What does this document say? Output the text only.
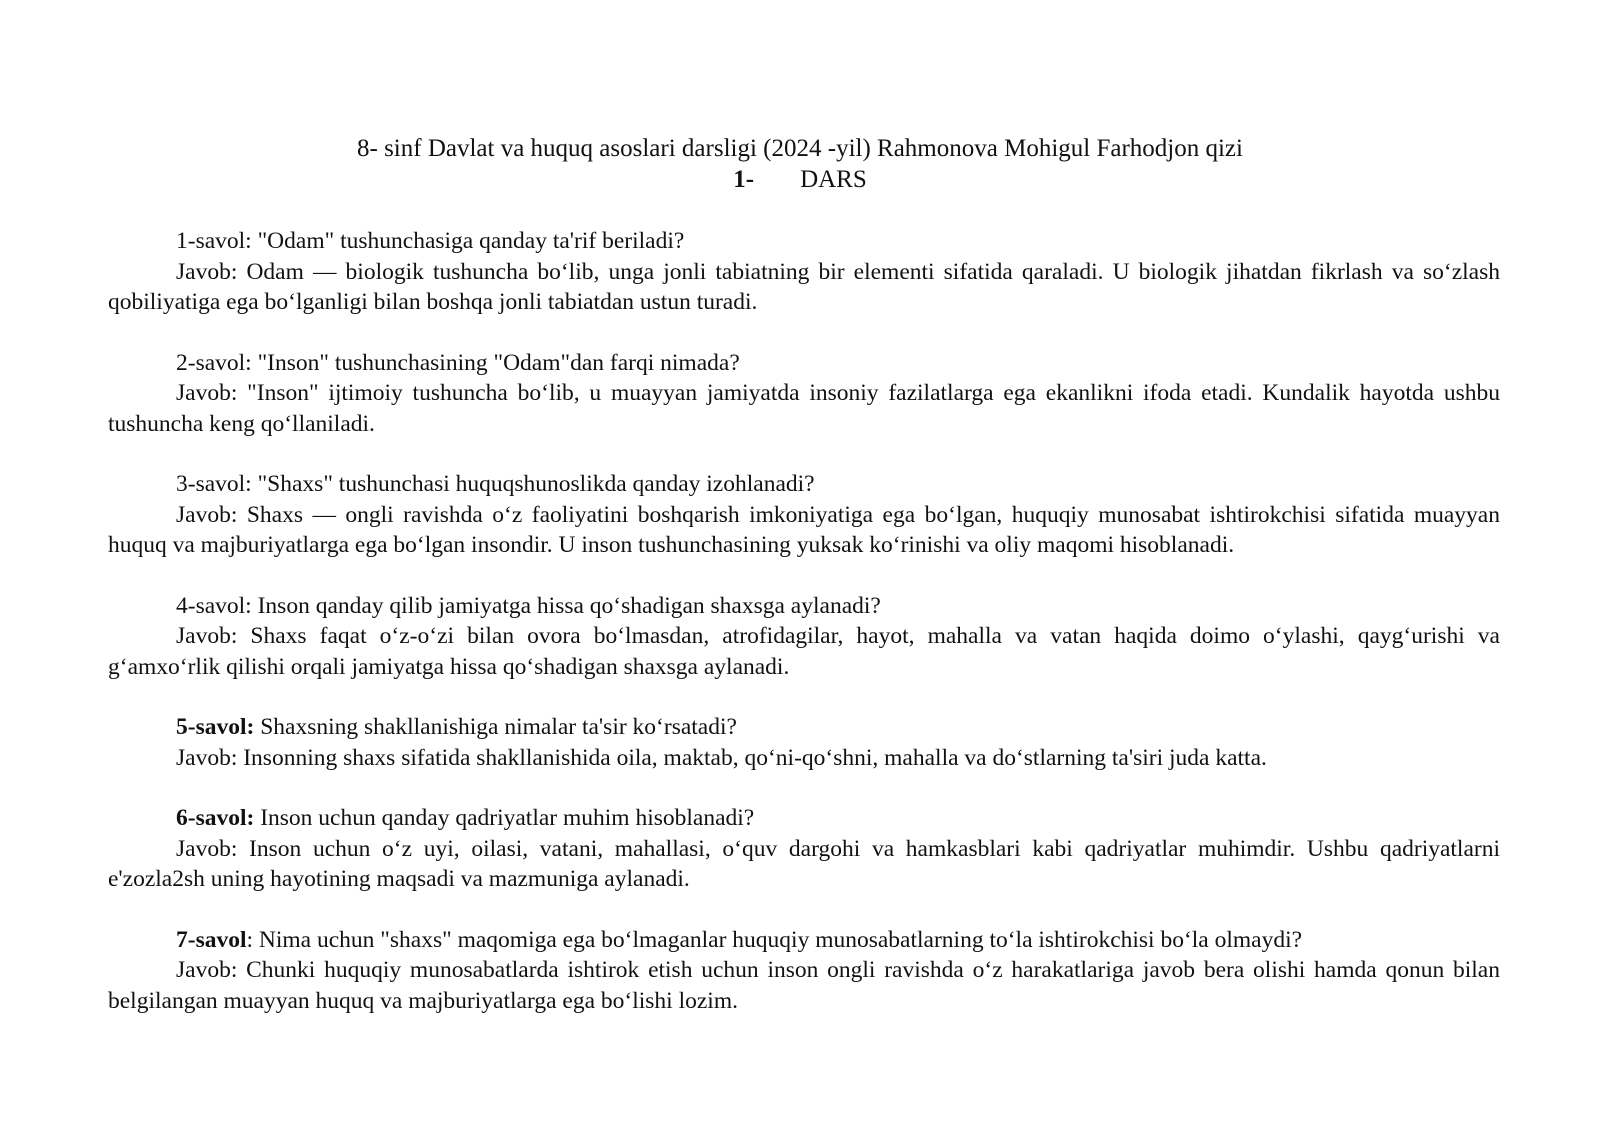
8- sinf Davlat va huquq asoslari darsligi (2024 -yil) Rahmonova Mohigul Farhodjon qizi
1- DARS

1-savol: "Odam" tushunchasiga qanday ta'rif beriladi?

Javob: Odam — biologik tushuncha bo‘lib, unga jonli tabiatning bir elementi sifatida qaraladi. U biologik jihatdan fikrlash va so‘zlash qobiliyatiga ega bo‘lganligi bilan boshqa jonli tabiatdan ustun turadi.

2-savol: "Inson" tushunchasining "Odam"dan farqi nimada?

Javob: "Inson" ijtimoiy tushuncha bo‘lib, u muayyan jamiyatda insoniy fazilatlarga ega ekanlikni ifoda etadi. Kundalik hayotda ushbu tushuncha keng qo‘llaniladi.

3-savol: "Shaxs" tushunchasi huquqshunoslikda qanday izohlanadi?

Javob: Shaxs — ongli ravishda o‘z faoliyatini boshqarish imkoniyatiga ega bo‘lgan, huquqiy munosabat ishtirokchisi sifatida muayyan huquq va majburiyatlarga ega bo‘lgan insondir. U inson tushunchasining yuksak ko‘rinishi va oliy maqomi hisoblanadi.

4-savol: Inson qanday qilib jamiyatga hissa qo‘shadigan shaxsga aylanadi?

Javob: Shaxs faqat o‘z-o‘zi bilan ovora bo‘lmasdan, atrofidagilar, hayot, mahalla va vatan haqida doimo o‘ylashi, qayg‘urishi va g‘amxo‘rlik qilishi orqali jamiyatga hissa qo‘shadigan shaxsga aylanadi.

5-savol: Shaxsning shakllanishiga nimalar ta'sir ko‘rsatadi?

Javob: Insonning shaxs sifatida shakllanishida oila, maktab, qo‘ni-qo‘shni, mahalla va do‘stlarning ta'siri juda katta.

6-savol: Inson uchun qanday qadriyatlar muhim hisoblanadi?

Javob: Inson uchun o‘z uyi, oilasi, vatani, mahallasi, o‘quv dargohi va hamkasblari kabi qadriyatlar muhimdir. Ushbu qadriyatlarni e'zozla2sh uning hayotining maqsadi va mazmuniga aylanadi.

7-savol: Nima uchun "shaxs" maqomiga ega bo‘lmaganlar huquqiy munosabatlarning to‘la ishtirokchisi bo‘la olmaydi?

Javob: Chunki huquqiy munosabatlarda ishtirok etish uchun inson ongli ravishda o‘z harakatlariga javob bera olishi hamda qonun bilan belgilangan muayyan huquq va majburiyatlarga ega bo‘lishi lozim.
